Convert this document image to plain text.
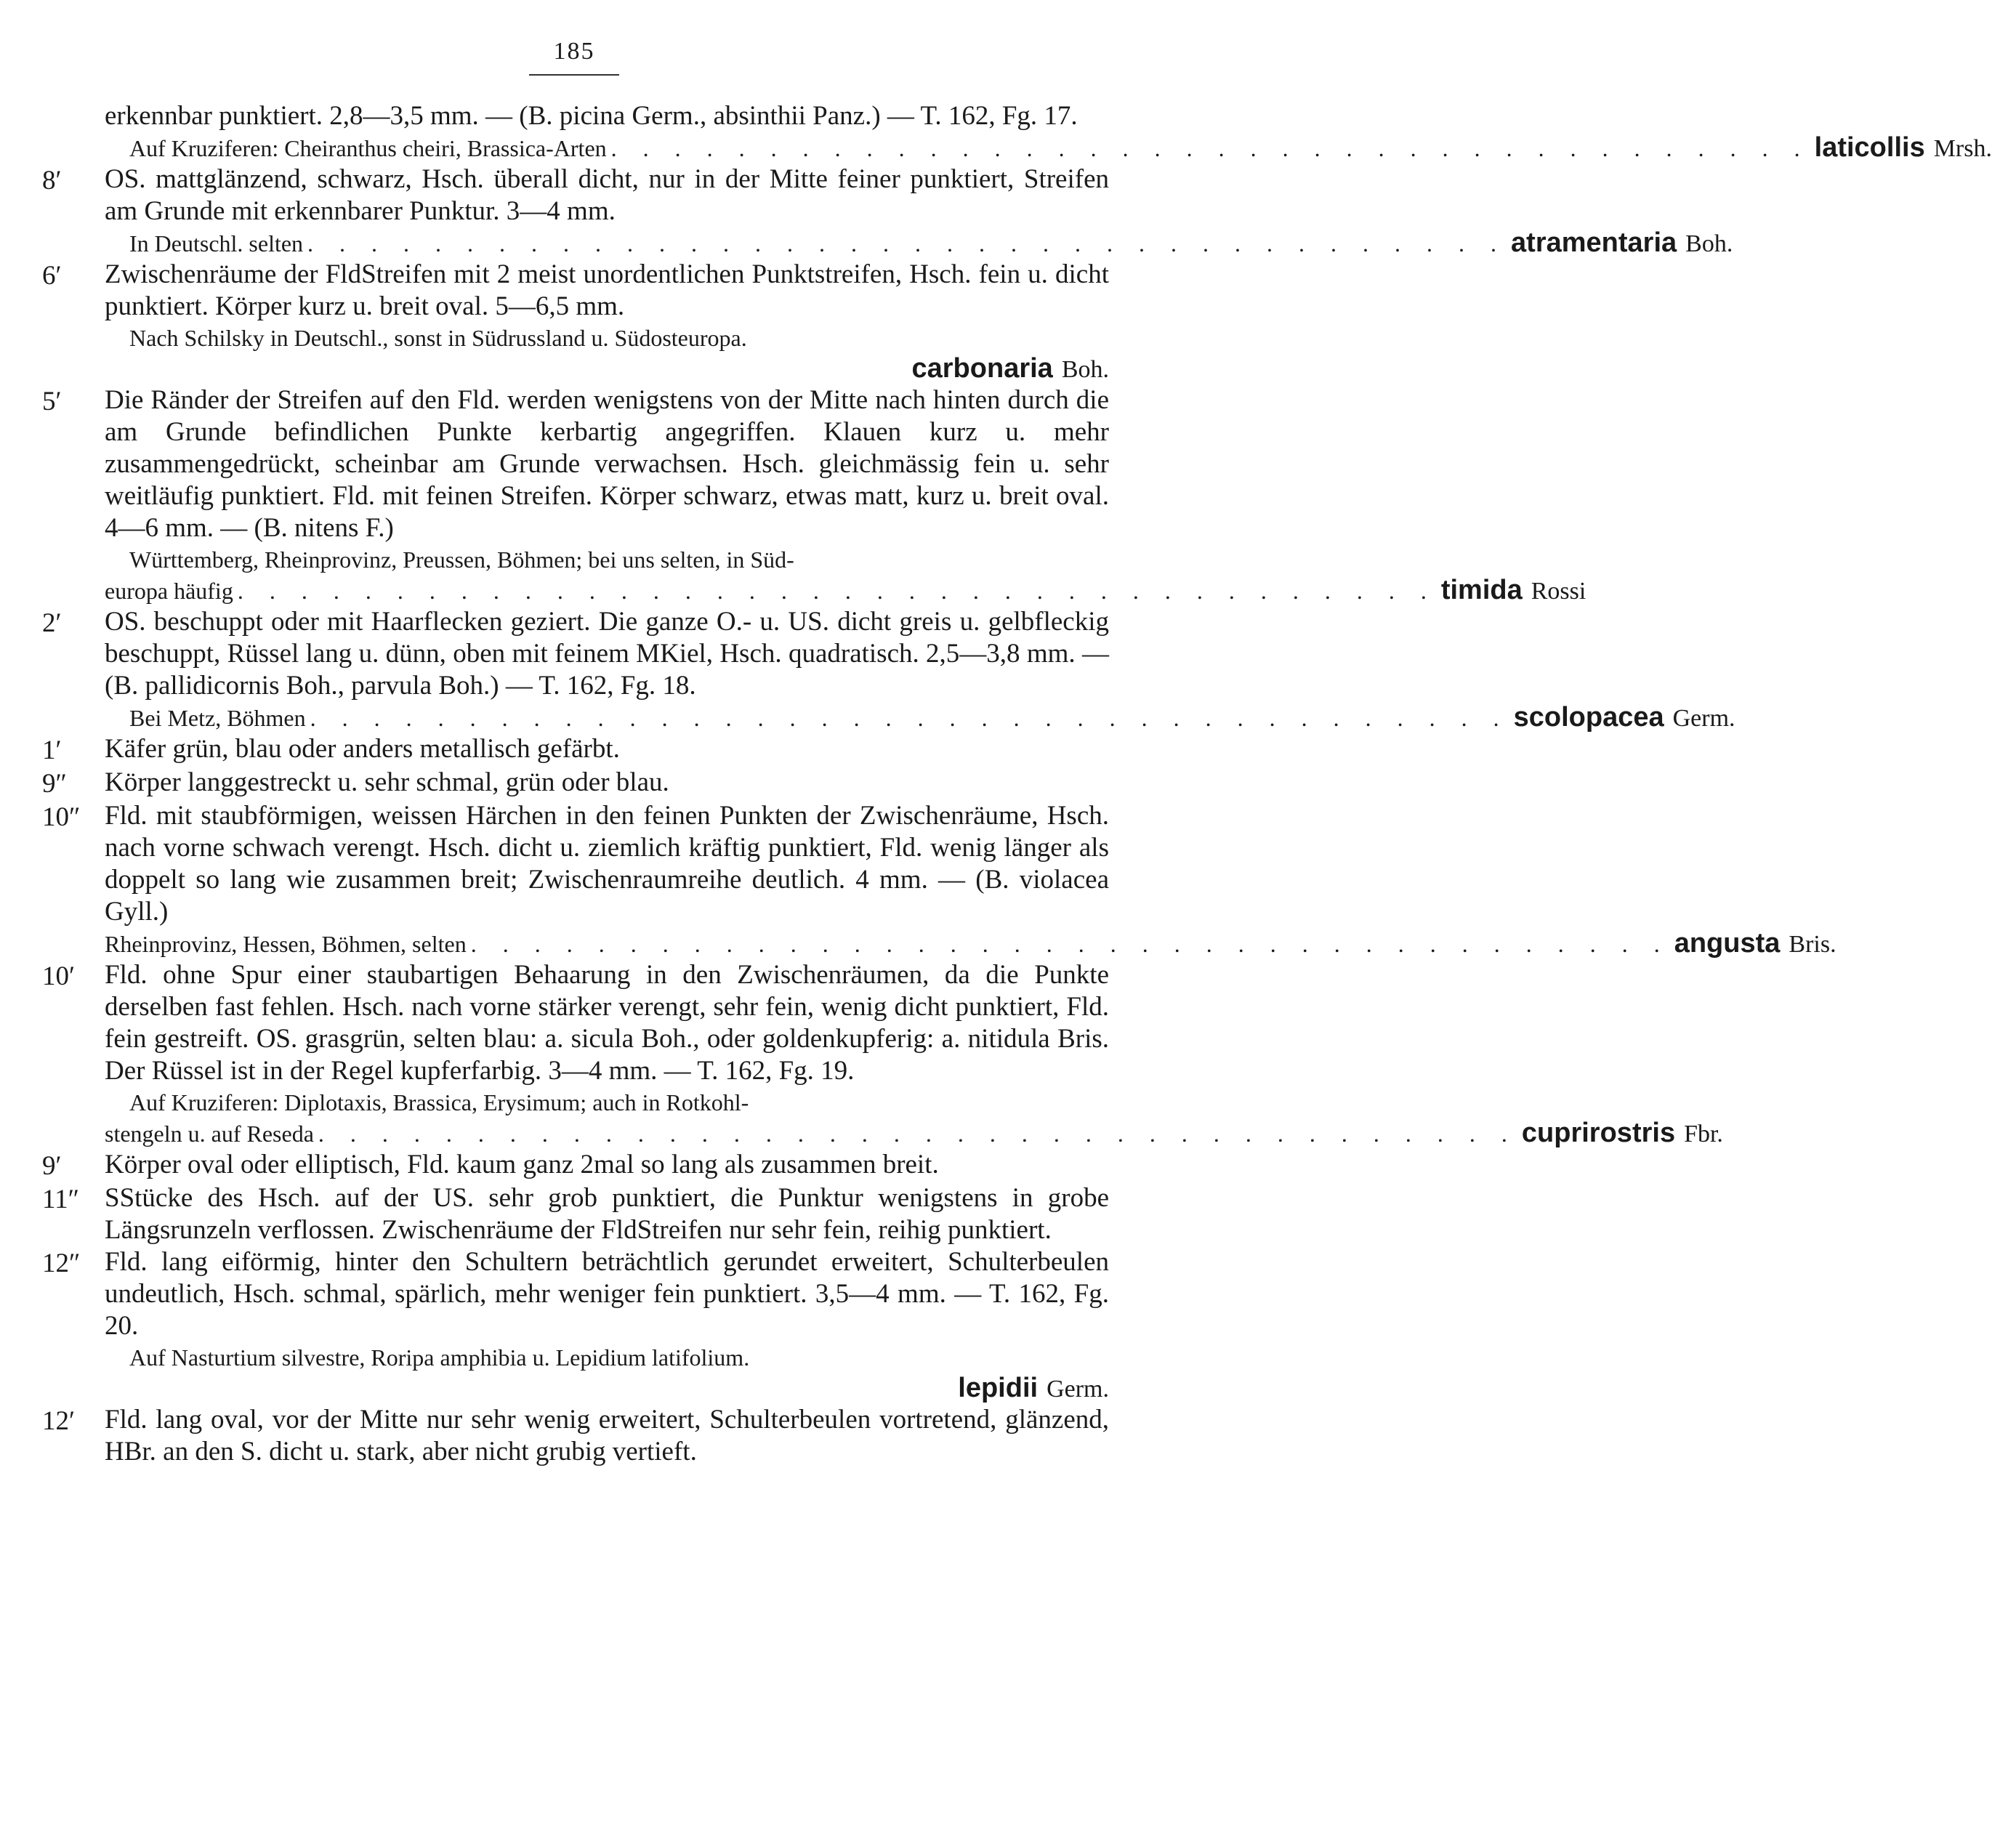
185
erkennbar punktiert. 2,8—3,5 mm. — (B. picina Germ., absinthii Panz.) — T. 162, Fg. 17.
Auf Kruziferen: Cheiranthus cheiri, Brassica-Arten . . . . . . . . . . . . . . . . . . . . . . . . . . . . . . . . . . . . . . laticollis Mrsh.
8′	OS. mattglänzend, schwarz, Hsch. überall dicht, nur in der Mitte feiner punktiert, Streifen am Grunde mit erkennbarer Punktur. 3—4 mm.
In Deutschl. selten . . . . . . . . . . . . . . . . . . . . . . . . . . . . . . . . . . . . . . atramentaria Boh.
6′	Zwischenräume der FldStreifen mit 2 meist unordentlichen Punktstreifen, Hsch. fein u. dicht punktiert. Körper kurz u. breit oval. 5—6,5 mm.
Nach Schilsky in Deutschl., sonst in Südrussland u. Südosteuropa.
carbonaria Boh.
5′	Die Ränder der Streifen auf den Fld. werden wenigstens von der Mitte nach hinten durch die am Grunde befindlichen Punkte kerbartig angegriffen. Klauen kurz u. mehr zusammengedrückt, scheinbar am Grunde verwachsen. Hsch. gleichmässig fein u. sehr weitläufig punktiert. Fld. mit feinen Streifen. Körper schwarz, etwas matt, kurz u. breit oval. 4—6 mm. — (B. nitens F.)
Württemberg, Rheinprovinz, Preussen, Böhmen; bei uns selten, in Süd-
europa häufig . . . . . . . . . . . . . . . . . . . . . . . . . . . . . . . . . . . . . . timida Rossi
2′	OS. beschuppt oder mit Haarflecken geziert. Die ganze O.- u. US. dicht greis u. gelbfleckig beschuppt, Rüssel lang u. dünn, oben mit feinem MKiel, Hsch. quadratisch. 2,5—3,8 mm. — (B. pallidicornis Boh., parvula Boh.) — T. 162, Fg. 18.
Bei Metz, Böhmen . . . . . . . . . . . . . . . . . . . . . . . . . . . . . . . . . . . . . . scolopacea Germ.
1′	Käfer grün, blau oder anders metallisch gefärbt.
9″	Körper langgestreckt u. sehr schmal, grün oder blau.
10″ Fld. mit staubförmigen, weissen Härchen in den feinen Punkten der Zwischenräume, Hsch. nach vorne schwach verengt. Hsch. dicht u. ziemlich kräftig punktiert, Fld. wenig länger als doppelt so lang wie zusammen breit; Zwischenraumreihe deutlich. 4 mm. — (B. violacea Gyll.)
Rheinprovinz, Hessen, Böhmen, selten . . . . . . . . . . . . . . . . . . . . . . . . . . . . . . . . . . . . . . angusta Bris.
10′	Fld. ohne Spur einer staubartigen Behaarung in den Zwischenräumen, da die Punkte derselben fast fehlen. Hsch. nach vorne stärker verengt, sehr fein, wenig dicht punktiert, Fld. fein gestreift. OS. grasgrün, selten blau: a. sicula Boh., oder goldenkupferig: a. nitidula Bris. Der Rüssel ist in der Regel kupferfarbig. 3—4 mm. — T. 162, Fg. 19.
Auf Kruziferen: Diplotaxis, Brassica, Erysimum; auch in Rotkohl-
stengeln u. auf Reseda . . . . . . . . . . . . . . . . . . . . . . . . . . . . . . . . . . . . . . cuprirostris Fbr.
9′	Körper oval oder elliptisch, Fld. kaum ganz 2mal so lang als zusammen breit.
11″ SStücke des Hsch. auf der US. sehr grob punktiert, die Punktur wenigstens in grobe Längsrunzeln verflossen. Zwischenräume der FldStreifen nur sehr fein, reihig punktiert.
12″ Fld. lang eiförmig, hinter den Schultern beträchtlich gerundet erweitert, Schulterbeulen undeutlich, Hsch. schmal, spärlich, mehr weniger fein punktiert. 3,5—4 mm. — T. 162, Fg. 20.
Auf Nasturtium silvestre, Roripa amphibia u. Lepidium latifolium.
lepidii Germ.
12′	Fld. lang oval, vor der Mitte nur sehr wenig erweitert, Schulterbeulen vortretend, glänzend, HBr. an den S. dicht u. stark, aber nicht grubig vertieft.
